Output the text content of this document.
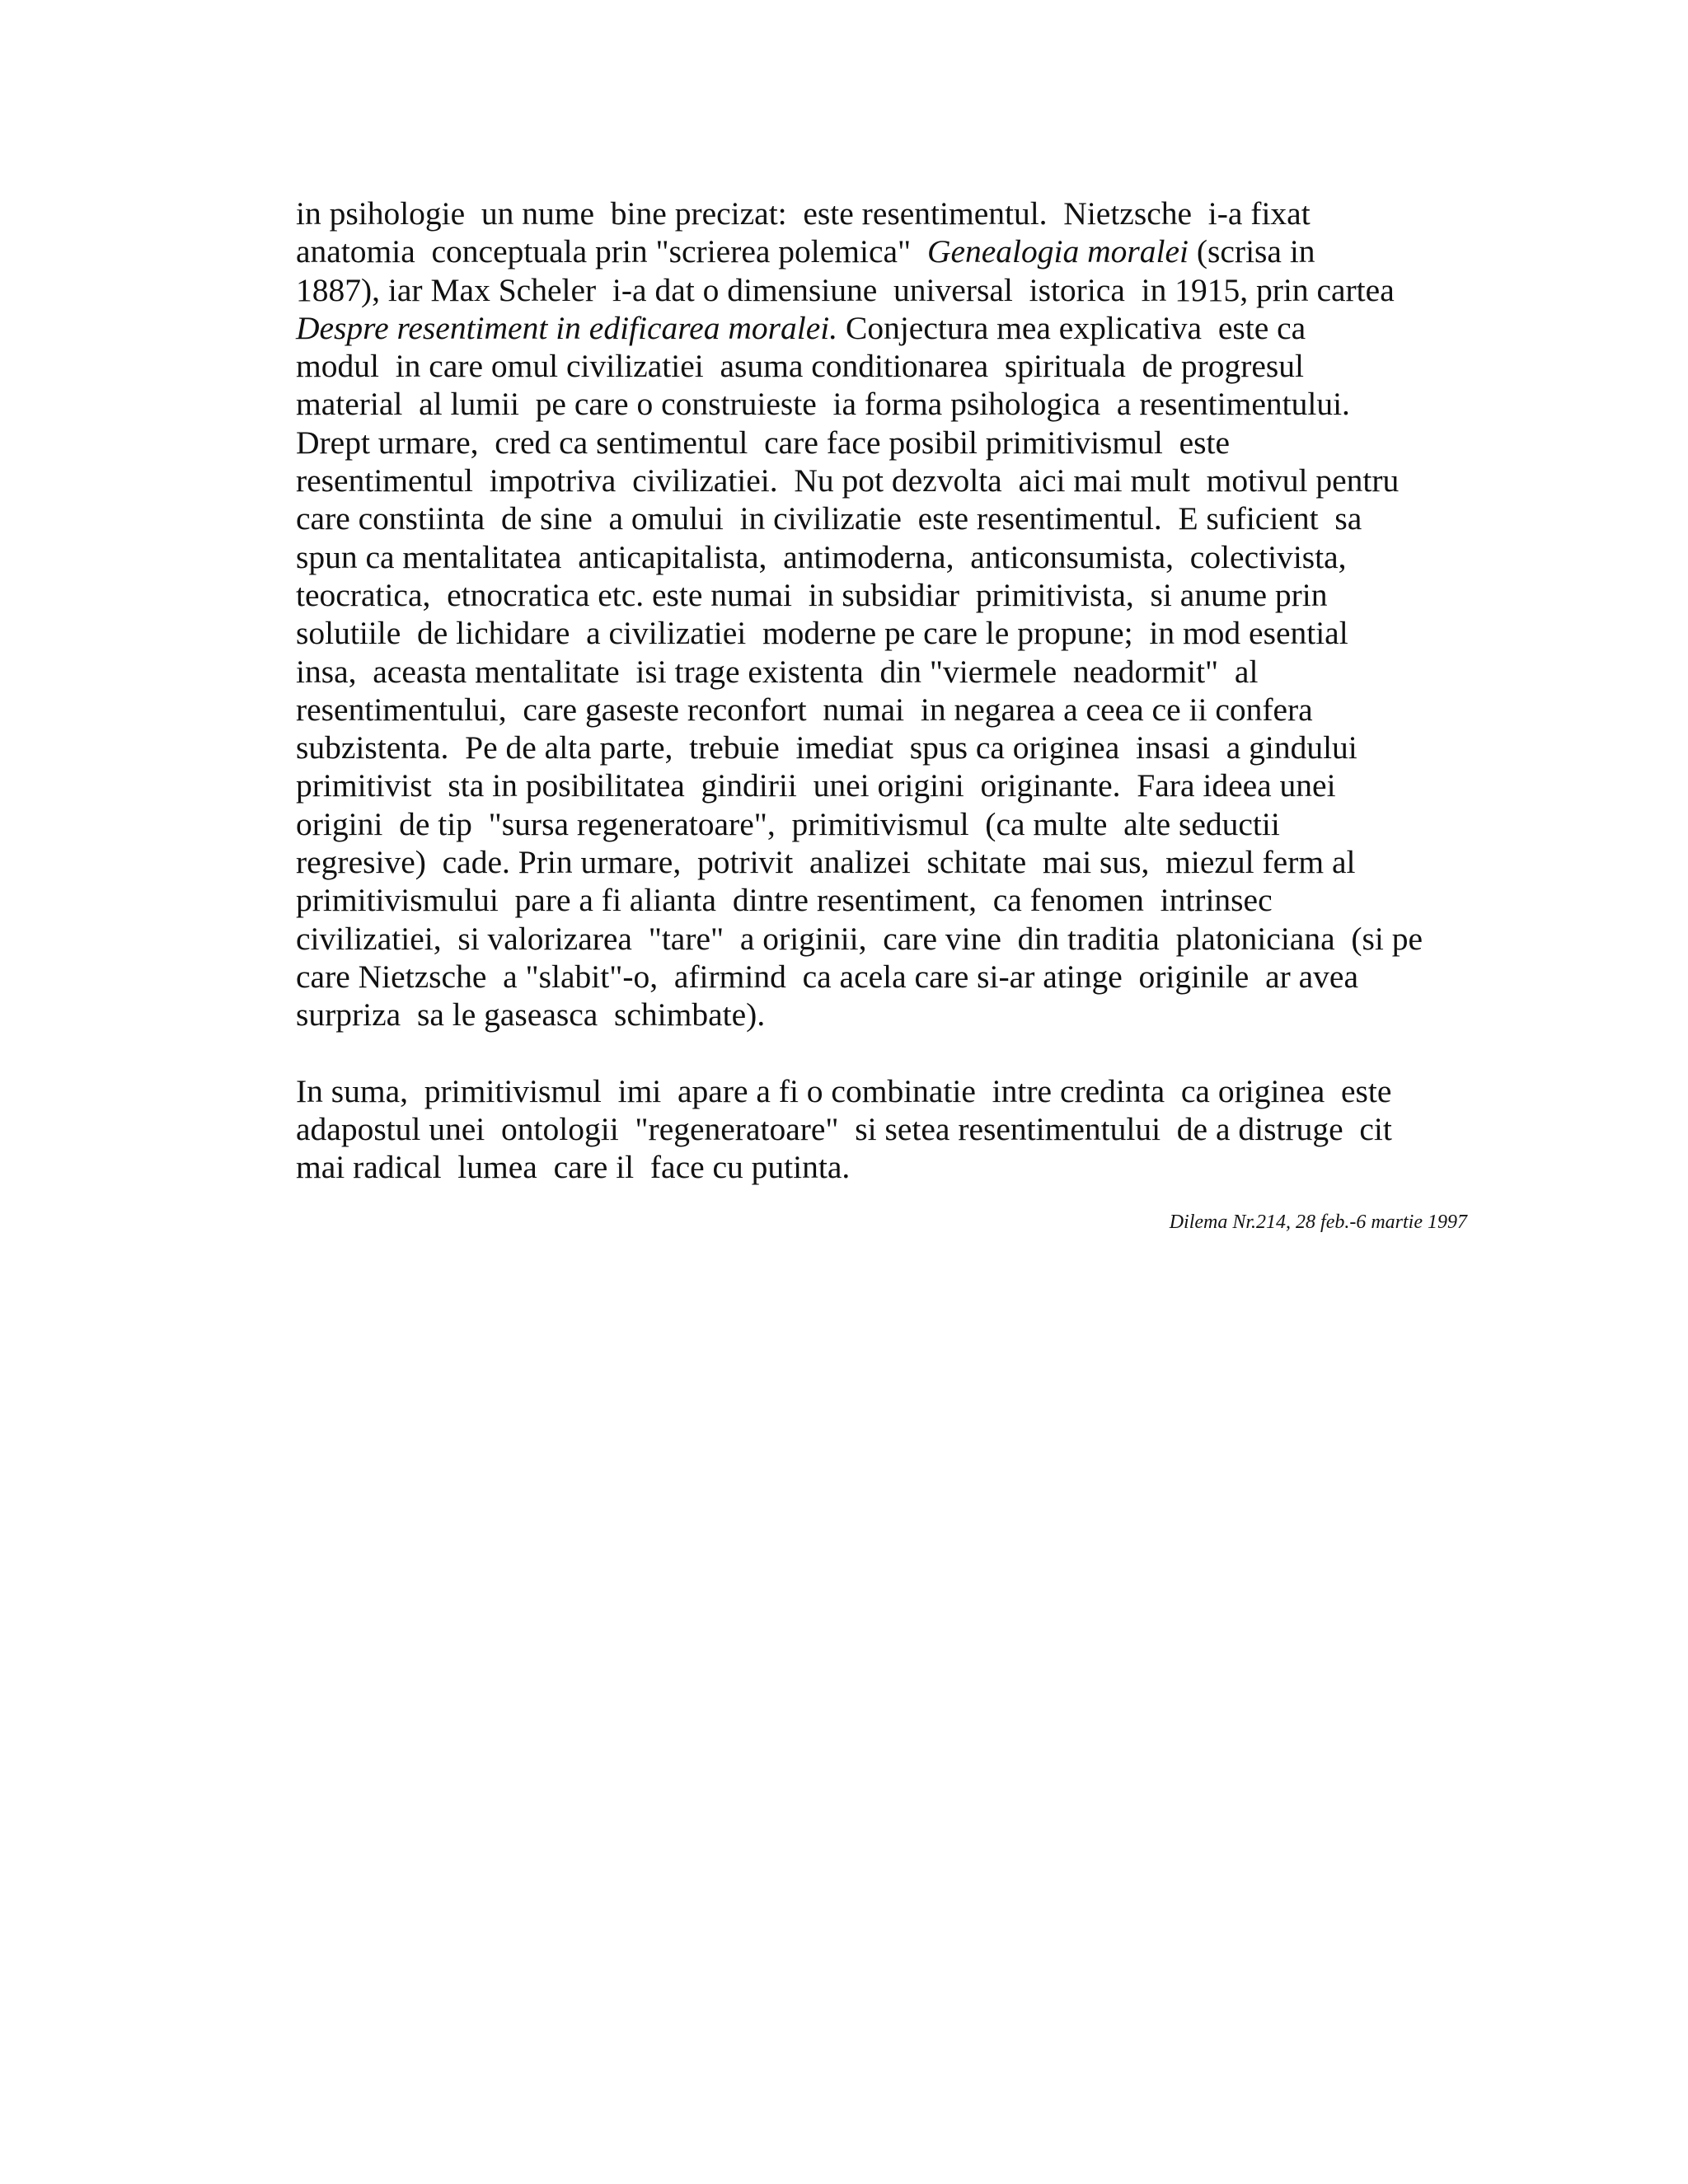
in psihologie  un nume  bine precizat:  este resentimentul.  Nietzsche  i-a fixat
anatomia  conceptuala prin "scrierea polemica"  Genealogia moralei (scrisa in
1887), iar Max Scheler  i-a dat o dimensiune  universal  istorica  in 1915, prin cartea
Despre resentiment in edificarea moralei. Conjectura mea explicativa  este ca
modul  in care omul civilizatiei  asuma conditionarea  spirituala  de progresul
material  al lumii  pe care o construieste  ia forma psihologica  a resentimentului.
Drept urmare,  cred ca sentimentul  care face posibil primitivismul  este
resentimentul  impotriva  civilizatiei.  Nu pot dezvolta  aici mai mult  motivul pentru
care constiinta  de sine  a omului  in civilizatie  este resentimentul.  E suficient  sa
spun ca mentalitatea  anticapitalista,  antimoderna,  anticonsumista,  colectivista,
teocratica,  etnocratica etc. este numai  in subsidiar  primitivista,  si anume prin
solutiile  de lichidare  a civilizatiei  moderne pe care le propune;  in mod esential
insa,  aceasta mentalitate  isi trage existenta  din "viermele  neadormit"  al
resentimentului,  care gaseste reconfort  numai  in negarea a ceea ce ii confera
subzistenta.  Pe de alta parte,  trebuie  imediat  spus ca originea  insasi  a gindului
primitivist  sta in posibilitatea  gindirii  unei origini  originante.  Fara ideea unei
origini  de tip  "sursa regeneratoare",  primitivismul  (ca multe  alte seductii
regresive)  cade. Prin urmare,  potrivit  analizei  schitate  mai sus,  miezul ferm al
primitivismului  pare a fi alianta  dintre resentiment,  ca fenomen  intrinsec
civilizatiei,  si valorizarea  "tare"  a originii,  care vine  din traditia  platoniciana  (si pe
care Nietzsche  a "slabit"-o,  afirmind  ca acela care si-ar atinge  originile  ar avea
surpriza  sa le gaseasca  schimbate).
In suma,  primitivismul  imi  apare a fi o combinatie  intre credinta  ca originea  este
adapostul unei  ontologii  "regeneratoare"  si setea resentimentului  de a distruge  cit
mai radical  lumea  care il  face cu putinta.
Dilema Nr.214, 28 feb.-6 martie 1997
